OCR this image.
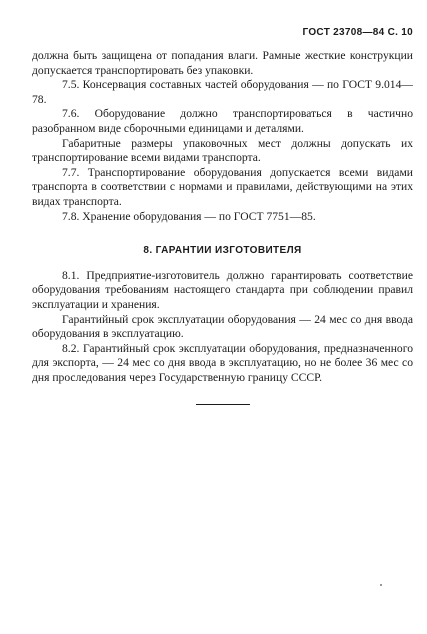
ГОСТ 23708—84 С. 10

должна быть защищена от попадания влаги. Рамные жесткие конструкции допускается транспортировать без упаковки.

7.5. Консервация составных частей оборудования — по ГОСТ 9.014—78.

7.6. Оборудование должно транспортироваться в частично разобранном виде сборочными единицами и деталями.

Габаритные размеры упаковочных мест должны допускать их транспортирование всеми видами транспорта.

7.7. Транспортирование оборудования допускается всеми видами транспорта в соответствии с нормами и правилами, действующими на этих видах транспорта.

7.8. Хранение оборудования — по ГОСТ 7751—85.

8. ГАРАНТИИ ИЗГОТОВИТЕЛЯ

8.1. Предприятие-изготовитель должно гарантировать соответствие оборудования требованиям настоящего стандарта при соблюдении правил эксплуатации и хранения.

Гарантийный срок эксплуатации оборудования — 24 мес со дня ввода оборудования в эксплуатацию.

8.2. Гарантийный срок эксплуатации оборудования, предназначенного для экспорта, — 24 мес со дня ввода в эксплуатацию, но не более 36 мес со дня проследования через Государственную границу СССР.
